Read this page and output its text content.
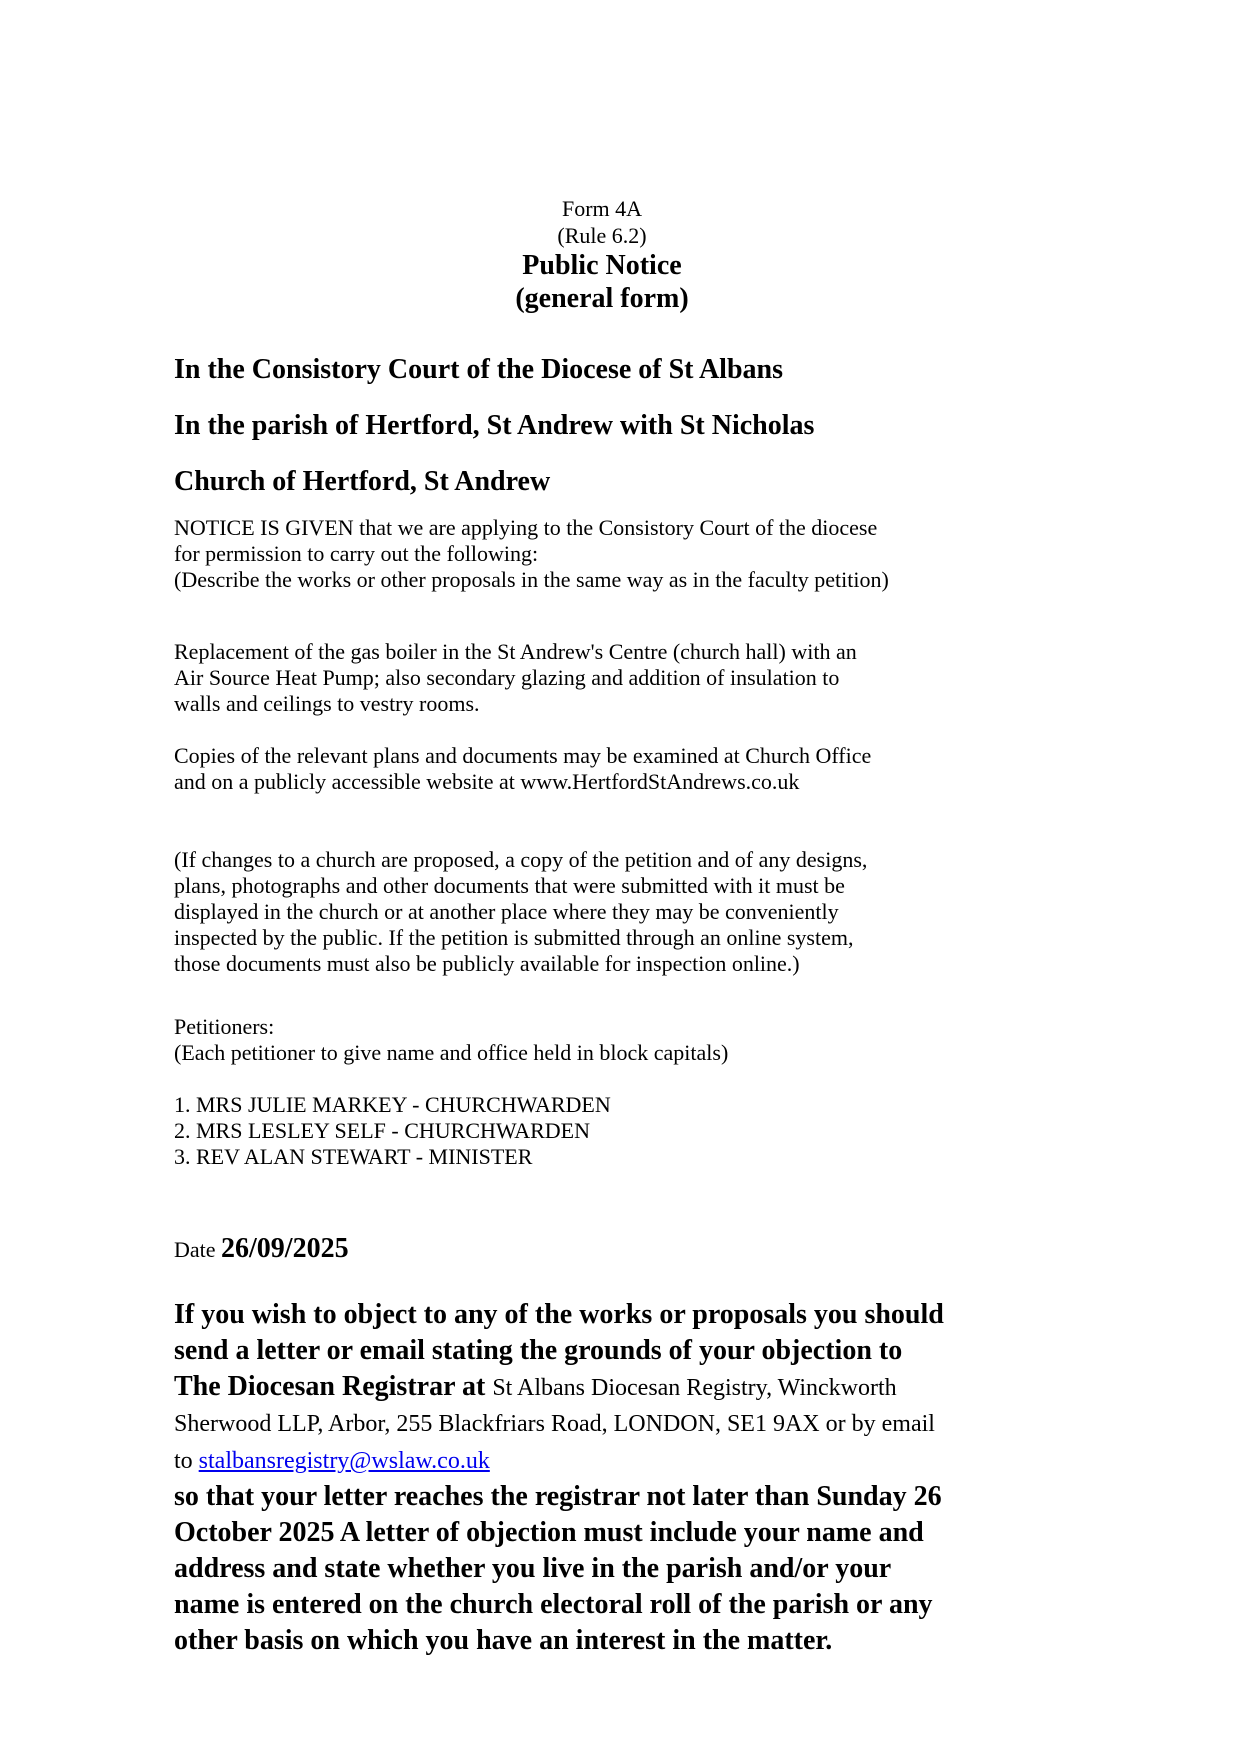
Form 4A
(Rule 6.2)
Public Notice
(general form)
In the Consistory Court of the Diocese of St Albans
In the parish of Hertford, St Andrew with St Nicholas
Church of Hertford, St Andrew
NOTICE IS GIVEN that we are applying to the Consistory Court of the diocese
for permission to carry out the following:
(Describe the works or other proposals in the same way as in the faculty petition)
Replacement of the gas boiler in the St Andrew's Centre (church hall) with an
Air Source Heat Pump; also secondary glazing and addition of insulation to
walls and ceilings to vestry rooms.
Copies of the relevant plans and documents may be examined at Church Office
and on a publicly accessible website at www.HertfordStAndrews.co.uk
(If changes to a church are proposed, a copy of the petition and of any designs,
plans, photographs and other documents that were submitted with it must be
displayed in the church or at another place where they may be conveniently
inspected by the public. If the petition is submitted through an online system,
those documents must also be publicly available for inspection online.)
Petitioners:
(Each petitioner to give name and office held in block capitals)
1. MRS JULIE MARKEY - CHURCHWARDEN
2. MRS LESLEY SELF - CHURCHWARDEN
3. REV ALAN STEWART - MINISTER
Date 26/09/2025
If you wish to object to any of the works or proposals you should
send a letter or email stating the grounds of your objection to
The Diocesan Registrar at St Albans Diocesan Registry, Winckworth
Sherwood LLP, Arbor, 255 Blackfriars Road, LONDON, SE1 9AX or by email
to stalbansregistry@wslaw.co.uk
so that your letter reaches the registrar not later than Sunday 26
October 2025 A letter of objection must include your name and
address and state whether you live in the parish and/or your
name is entered on the church electoral roll of the parish or any
other basis on which you have an interest in the matter.
